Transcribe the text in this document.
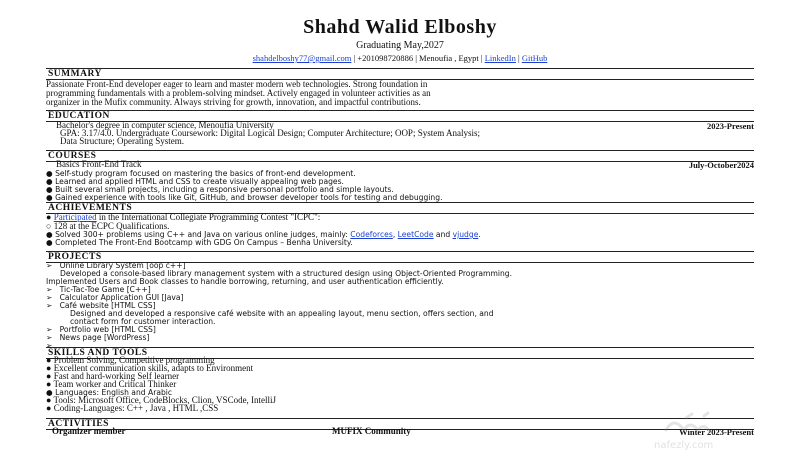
Shahd Walid Elboshy
Graduating May,2027
shahdelboshy77@gmail.com | +201098720886 | Menoufia , Egypt | LinkedIn | GitHub
SUMMARY
Passionate Front-End developer eager to learn and master modern web technologies. Strong foundation in
programming fundamentals with a problem-solving mindset. Actively engaged in volunteer activities as an
organizer in the Mufix community. Always striving for growth, innovation, and impactful contributions.
EDUCATION
Bachelor's degree in computer science, Menoufia University	2023-Present
GPA: 3.17/4.0. Undergraduate Coursework: Digital Logical Design; Computer Architecture; OOP; System Analysis;
Data Structure; Operating System.
COURSES
Basics Front-End Track	July-October2024
● Self-study program focused on mastering the basics of front-end development.
● Learned and applied HTML and CSS to create visually appealing web pages.
● Built several small projects, including a responsive personal portfolio and simple layouts.
● Gained experience with tools like Git, GitHub, and browser developer tools for testing and debugging.
ACHIEVEMENTS
● Participated in the International Collegiate Programming Contest "ICPC":
○ 128 at the ECPC Qualifications.
● Solved 300+ problems using C++ and Java on various online judges, mainly: Codeforces, LeetCode and vjudge.
● Completed The Front-End Bootcamp with GDG On Campus – Benha University.
PROJECTS
➢ Online Library System [oop c++]
Developed a console-based library management system with a structured design using Object-Oriented Programming.
Implemented Users and Book classes to handle borrowing, returning, and user authentication efficiently.
➢ Tic-Tac-Toe Game [C++]
➢ Calculator Application GUI [Java]
➢ Café website [HTML CSS]
Designed and developed a responsive café website with an appealing layout, menu section, offers section, and
contact form for customer interaction.
➢ Portfolio web [HTML CSS]
➢ News page [WordPress]
➢
SKILLS AND TOOLS
● Problem Solving, Competitive programming
● Excellent communication skills, adapts to Environment
● Fast and hard-working Self learner
● Team worker and Critical Thinker
● Languages: English and Arabic
● Tools: Microsoft Office, CodeBlocks, Clion, VSCode, IntelliJ
● Coding-Languages: C++ , Java , HTML ,CSS
ACTIVITIES
Organizer member	MUFIX Community	Winter 2023-Present
nafezly.com
